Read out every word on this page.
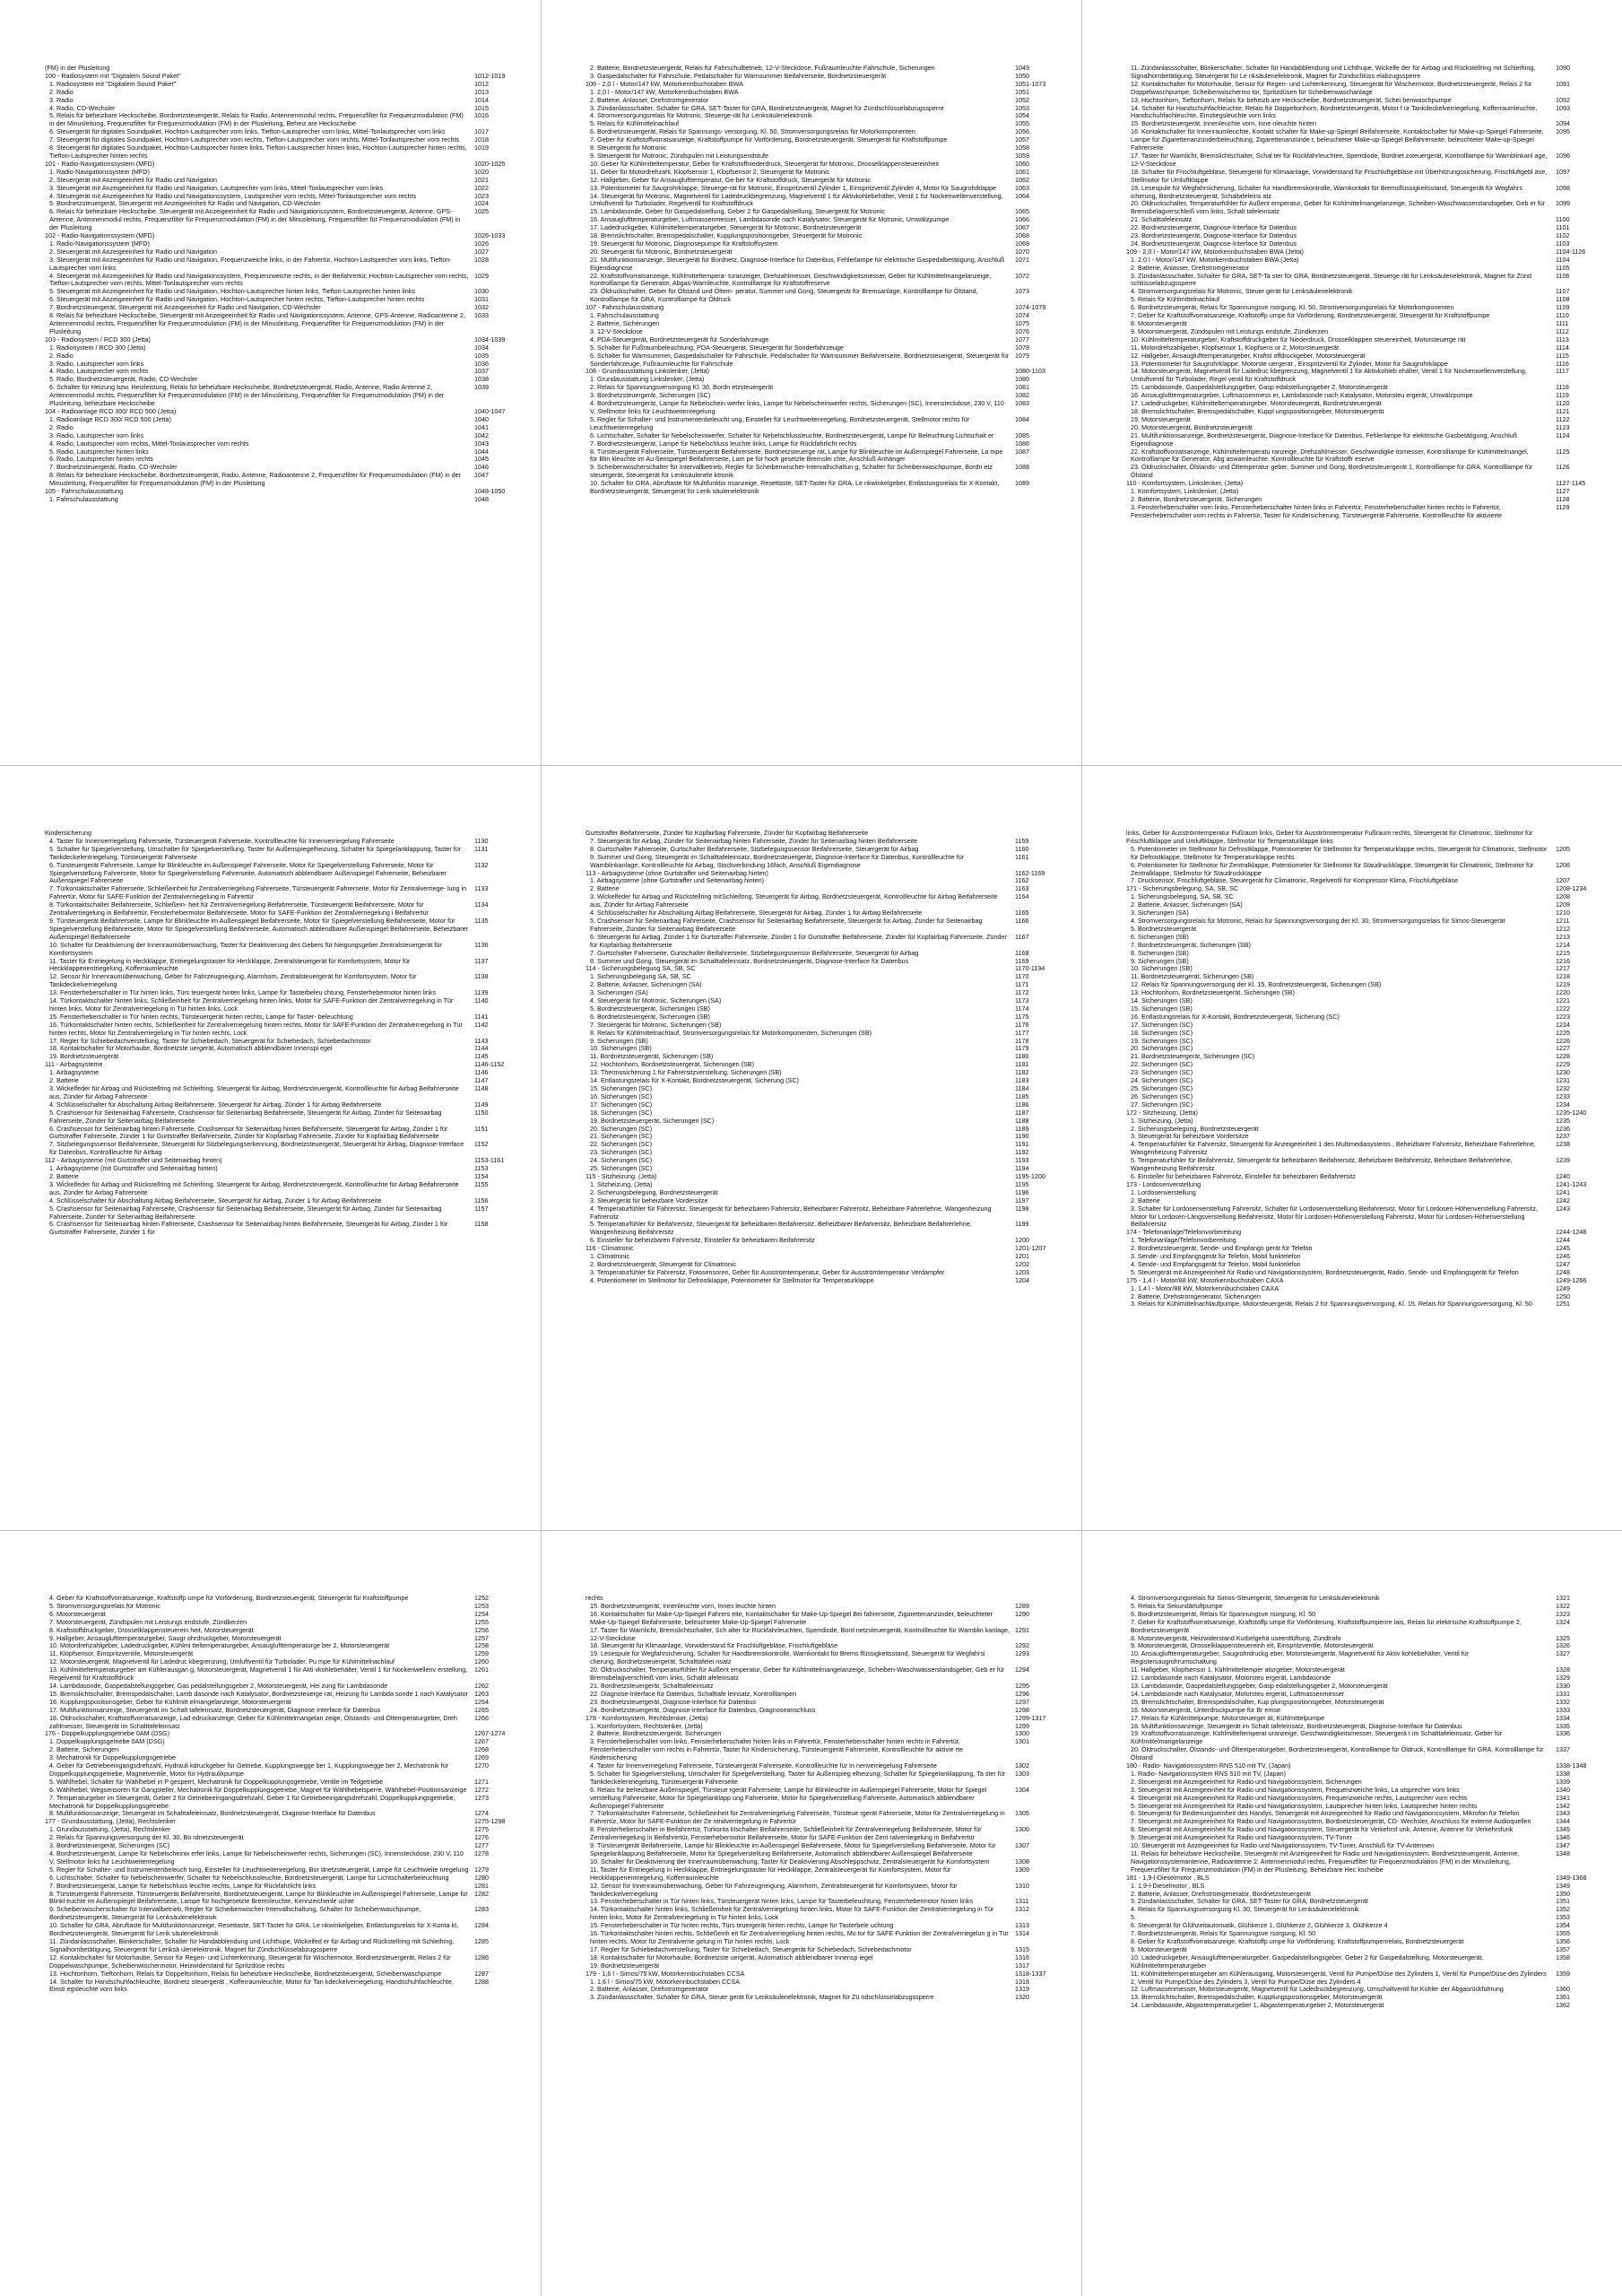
(FM) in der Plusleitung
100 - Radiosystem mit "Digitalem Sound Paket"	1012-1019
1. Radiosystem mit "Digitalem Sound Paket"	1012
2. Radio	1013
3. Radio	1014
4. Radio, CD-Wechsler	1015
5. Relais für beheizbare Heckscheibe, Bordnetzsteuergerät, Relais für Radio, Antennenmodul rechts, Frequenzfilter für Frequenzmodulation (FM) in der Minusleitung, Frequenzfilter für Frequenzmodulation (FM) in der Plusleitung, Beheiz are Heckscheibe
1016
6. Steuergerät für digitales Soundpaket, Hochton-Lautsprecher vorn links, Tiefton-Lautsprecher vorn links, Mittel-Tonlautsprecher vorn links	1017
7. Steuergerät für digitales Soundpaket, Hochton-Lautsprecher vorn rechts, Tiefton-Lautsprecher vorn rechts, Mittel-Tonlautsprecher vorn rechts	1018
8. Steuergerät für digitales Soundpaket, Hochton-Lautsprecher hinten links, Tiefton-Lautsprecher hinten links, Hochton-Lautsprecher hinten rechts, Tiefton-Lautsprecher hinten rechts
1019
101 - Radio-Navigationssystem (MFD)	1020-1025
1. Radio-Navigationssystem (MFD)	1020
2. Steuergerät mit Anzeigeeinheit für Radio und Navigation	1021
3. Steuergerät mit Anzeigeeinheit für Radio und Navigation, Lautsprecher vorn links, Mittel-Tonlautsprecher vorn links	1022
4. Steuergerät mit Anzeigeeinheit für Radio und Navigationssystem, Lautsprecher vorn rechts, Mittel-Tonlautsprecher vorn rechts	1023
5. Bordnetzsteuergerät, Steuergerät mit Anzeigeeinheit für Radio und Navigation, CD-Wechsler	1024
6. Relais für beheizbare Heckscheibe, Steuergerät mit Anzeigeeinheit für Radio und Navigationssystem, Bordnetzsteuergerät, Antenne, GPS- Antenne, Antennenmodul rechts, Frequenzfilter für Frequenzmodulation (FM) in der Minusleitung, Frequenzfilter für Frequenzmodulation (FM) in der Plusleitung
1025
102 - Radio-Navigationssystem (MFD)	1026-1033
1. Radio-Navigationssystem (MFD)	1026
2. Steuergerät mit Anzeigeeinheit für Radio und Navigation	1027
3. Steuergerät mit Anzeigeeinheit für Radio und Navigation, Frequenzweiche links, in der Fahrertür, Hochton-Lautsprecher vorn links, Tiefton-Lautsprecher vorn links
1028
4. Steuergerät mit Anzeigeeinheit für Radio und Navigationssystem, Frequenzweiche rechts, in der Beifahrertür, Hochton-Lautsprecher vorn rechts, Tiefton-Lautsprecher vorn rechts, Mittel-Tonlautsprecher vorn rechts
1029
5. Steuergerät mit Anzeigeeinheit für Radio und Navigation, Hochton-Lautsprecher hinten links, Tiefton-Lautsprecher hinten links	1030
6. Steuergerät mit Anzeigeeinheit für Radio und Navigation, Hochton-Lautsprecher hinten rechts, Tiefton-Lautsprecher hinten rechts	1031
7. Bordnetzsteuergerät, Steuergerät mit Anzeigeeinheit für Radio und Navigation, CD-Wechsler	1032
8. Relais für beheizbare Heckscheibe, Steuergerät mit Anzeigeeinheit für Radio und Navigationssystem, Antenne, GPS-Antenne, Radioantenne 2, Antennenmodul rechts, Frequenzfilter für Frequenzmodulation (FM) in der Minusleitung, Frequenzfilter für Frequenzmodulation (FM) in der Plusleitung
1033
103 - Radiosystem / RCD 300 (Jetta)	1034-1039
1. Radiosystem / RCD 300 (Jetta)	1034
2. Radio	1035
3. Radio, Lautsprecher vorn links	1036
4. Radio, Lautsprecher vorn rechts	1037
5. Radio, Bordnetzsteuergerät, Radio, CD-Wechsler	1038
6. Schalter für Heizung bzw. Heizleistung, Relais für beheizbare Heckscheibe, Bordnetzsteuergerät, Radio, Antenne, Radio Antenne 2, Antennenmodul rechts, Frequenzfilter für Frequenzmodulation (FM) in der Minusleitung, Frequenzfilter für Frequenzmodulation (FM) in der Plusleitung, beheizbare Heckscheibe
1039
104 - Radioanlage RCD 300/ RCD 500 (Jetta)	1040-1047
1. Radioanlage RCD 300/ RCD 500 (Jetta)	1040
2. Radio	1041
3. Radio, Lautsprecher vorn links	1042
4. Radio, Lautsprecher vorn rechts, Mittel-Tonlautsprecher vorn rechts	1043
5. Radio, Lautsprecher hinten links	1044
6. Radio, Lautsprecher hinten rechts	1045
7. Bordnetzsteuergerät, Radio, CD-Wechsler	1046
8. Relais für beheizbare Heckscheibe, Bordnetzsteuergerät, Radio, Antenne, Radioantenne 2, Frequenzfilter für Frequenzmodulation (FM) in der Minusleitung, Frequenzfilter für Frequenzmodulation (FM) in der Plusleitung
1047
105 - Fahrschulausstattung	1048-1050
1. Fahrschulausstattung	1048
2. Batterie, Bordnetzsteuergerät, Relais für Fahrschulbetrieb, 12-V-Steckdose, Fußraumleuchte Fahrschule, Sicherungen	1049
3. Gaspedalschalter für Fahrschule, Pedalschalter für Warnsummer Beifahrerseite, Bordnetzsteuergerät	1050
106 - 2,0 l - Motor/147 kW, Motorkennbuchstaben BWA	1051-1073
1. 2,0 l - Motor/147 kW, Motorkennbuchstaben BWA	1051
2. Batterie, Anlasser, Drehstromgenerator	1052
3. Zündanlassschalter, Schalter für GRA, SET-Taster für GRA, Bordnetzsteuergerät, Magnet für Zündschlüsselabzugssperre	1053
4. Stromversorgungsrelais für Motronic, Steuerge-rät für Lenksäulenelektronik	1054
5. Relais für Kühlmittelnachlauf	1055
6. Bordnetzsteuergerät, Relais für Spannungs- versorgung, Kl. 50, Stromversorgungsrelais für Motorkomponenten	1056
7. Geber für Kraftstoffvorratsanzeige, Kraftstoffpumpe für Vorförderung, Bordnetzsteuergerät, Steuergerät für Kraftstoffpumpe	1057
8. Steuergerät für Motronic	1058
9. Steuergerät für Motronic, Zündspulen mit Leistungsendstufe	1059
10. Geber für Kühlmitteltemperatur, Geber für Kraftstoffniederdruck, Steuergerät für Motronic, Drosselklappensteuereinheit	1060
11. Geber für Motordrehzahl, Klopfsensor 1, Klopfsensor 2, Steuergerät für Motronic	1061
12. Hallgeber, Geber für Ansauglufttemperatur, Ge-ber für Kraftstoffdruck, Steuergerät für Motronic	1062
13. Potentiometer für Saugrohrklappe, Steuerge-rät für Motronic, Einspritzventil Zylinder 1, Einspritzventil Zylinder 4, Motor für Saugrohrklappe	1063
14. Steuergerät für Motronic, Magnetventil für Ladedruckbegrenzung, Magnetventil 1 für Aktivkohlebehälter, Ventil 1 für Nockenwellenverstellung, Umluftventil für Turbolader, Regelventil für Kraftstoffdruck
1064
15. Lambdasonde, Geber für Gaspedalstellung, Geber 2 für Gaspedalstellung, Steuergerät für Motronic	1065
16. Ansauglufttemperaturgeber, Luftmassenmesser, Lambdasonde nach Katalysator, Steuergerät für Motronic, Umwälzpumpe	1066
17. Ladedruckgeber, Kühlmitteltemperaturgeber, Steuergerät für Motronic, Bordnetzsteuergerät	1067
18. Bremslichtschalter, Bremspedalschalter, Kupplungspositionsgeber, Steuergerät für Motronic	1068
19. Steuergerät für Motronic, Diagnosepumpe für Kraftstoffsystem	1069
20. Steuergerät für Motronic, Bordnetzsteuergerät	1070
21. Multifunktionsanzeige, Steuergerät für Bordnetz, Diagnose-Interface für Datenbus, Fehlerlampe für elektrische Gaspedalbetätigung, Anschluß Eigendiagnose
1071
22. Kraftstoffvorratsanzeige, Kühlmitteltempera- turanzeiger, Drehzahlmesser, Geschwindigkeitsmesser, Geber für Kühlmittelmangelanzeige, Kontrolllampe für Generator, Abgas-Warnleuchte, Kontrolllampe für Kraftstoffreserve
1072
23. Öldruckschalter, Geber für Ölstand und Öltem- peratur, Summer und Gong, Steuergerät für Bremsanlage, Kontrolllampe für Ölstand, Kontrolllampe für GRA, Kontrolllampe für Öldruck
1073
107 - Fahrschulausstattung	1074-1079
1. Fahrschulausstattung	1074
2. Batterie, Sicherungen	1075
3. 12-V-Steckdose	1076
4. PDA-Steuergerät, Bordnetzsteuergerät für Sonderfahrzeuge	1077
5. Schalter für Fußraumbeleuchtung, PDA-Steuergerät, Steuergerät für Sonderfahrzeuge	1078
6. Schalter für Warnsummer, Gaspedalschalter für Fahrschule, Pedalschalter für Warnsummer Beifahrerseite, Bordnetzsteuergerät, Steuergerät für Sonderfahrzeuge, Fußraumleuchte für Fahrschule
1079
108 - Grundausstattung Linkslenker, (Jetta)	1080-1103
1. Grundausstattung Linkslenker, (Jetta)	1080
2. Relais für Spannungsversorgung Kl. 30, Bordn etzsteuergerät	1081
3. Bordnetzsteuergerät, Sicherungen (SC)	1082
4. Bordnetzsteuergerät, Lampe für Nebelschein werfer links, Lampe für Nebelscheinwerfer rechts, Sicherungen (SC), Innensteckdose, 230 V, 110 V, Stellmotor links für Leuchtweitenregelung
1083
5. Regler für Schalter- und Instrumentenbeleucht ung, Einsteller für Leuchtweitenregelung, Bordnetzsteuergerät, Stellmotor rechts für Leuchtweitenregelung
1084
6. Lichtschalter, Schalter für Nebelscheinwerfer, Schalter für Nebelschlussleuchte, Bordnetzsteuergerät, Lampe für Beleuchtung Lichtschalt er	1085
7. Bordnetzsteuergerät, Lampe für Nebelschluss leuchte links, Lampe für Rückfahrlicht rechts	1086
8. Türsteuergerät Fahrerseite, Türsteuergerät Beifahrerseite, Bordnetzsteuerge rät, Lampe für Blinkleuchte im Außenspiegel Fahrerseite, La mpe für Blin kleuchte im Au ßenspiegel Beifahrerseite, Lam pe für hoch gesetzte Bremslei chte, Anschluß Anhänger
1087
9. Scheibenwischerschalter für Intervallbetrieb, Regler für Scheibenwischer-Intervallschaltun g, Schalter für Scheibenwaschpumpe, Bordn etz steuergerät, Steuergerät für Lenksäulenele ktronik
1088
10. Schalter für GRA, Abruftaste für Multifunktio nsanzeige, Resettaste, SET-Taster für GRA, Le nkwinkelgeber, Entlastungsrelais für X-Kontakt, Bordnetzsteuergerät, Steuergerät für Lenk säulenelektronik
1089
11. Zündanlassschalter, Blinkerschalter, Schalter für Handabblendung und Lichthupe, Wickelfe der für Airbag und Rückstellring mit Schleifring, Signalhornbetätigung, Steuergerät für Le nksäulenelektronik, Magnet für Zündschlüss elabzugssperre
1090
12. Kontaktschalter für Motorhaube, Sensor für Regen- und Lichterkennung, Steuergerät für Wischermotor, Bordnetzsteuergerät, Relais 2 für Doppelwaschpumpe, Scheibenwischermo tor, Spritzdüsen für Scheibenwaschanlage
1091
13. Hochtonhorn, Tieftonhorn, Relais für beheizb are Heckscheibe, Bordnetzsteuergerät, Schei benwaschpumpe	1092
14. Schalter für Handschuhfachleuchte, Relais für Doppeltonhorn, Bordnetzsteuergerät, Motor f ür Tankdeckelverriegelung, Kofferraumleuchte, Handschuhfachleuchte, Einstiegsleuchte vorn links
1093
15. Bordnetzsteuergerät, Innenleuchte vorn, Inne nleuchte hinten	1094
16. Kontaktschalter für Innenraumleuchte, Kontakt schalter für Make-up-Spiegel Beifahrerseite, Kontaktschalter für Make-up-Spiegel Fahrerseite, Lampe für Zigarettenanzünderbeleuchtung, Zigarettenanzünde r, beleuchteter Make-up-Spiegel Beifahrerseite, beleuchteter Make-up-Spiegel Fahrerseite
1095
17. Taster für Warnlicht, Bremslichtschalter, Schal ter für Rückfahrleuchten, Sperrdiode, Bordnet zsteuergerät, Kontrolllampe für Warnblinkanl age, 12-V-Steckdose
1096
18. Schalter für Frischluftgebläse, Steuergerät für Klimaanlage, Vorwiderstand für Frischluftgebläse mit Überhitzungssicherung, Frischluftgebl äse, Stellmotor für Umluftklappe
1097
19. Lesespule für Wegfahrsicherung, Schalter für Handbremskontrolle, Warnkontakt für Bremsflüssigkeitsstand, Steuergerät für Wegfahrs icherung, Bordnetzsteuergerät, Schaltafeleins atz
1098
20. Öldruckschalter, Temperaturfühler für Außent emperatur, Geber für Kühlmittelmangelanzeige, Scheiben-Waschwasserstandsgeber, Geb er für Bremsbelagverschleiß vorn links, Schalt tafeleinsatz
1099
21. Schalttafeleinsatz	1100
22. Bordnetzsteuergerät, Diagnose-Interface für Datenbus	1101
23. Bordnetzsteuergerät, Diagnose-Interface für Datenbus	1102
24. Bordnetzsteuergerät, Diagnose-Interface für Datenbus	1103
109 - 2,0 l - Motor/147 kW, Motorkennbuchstaben BWA (Jetta)	1104-1126
1. 2,0 l - Motor/147 kW, Motorkennbuchstaben BWA (Jetta)	1104
2. Batterie, Anlasser, Drehstromgenerator	1105
3. Zündanlassschalter, Schalter für GRA, SET-Ta ster für GRA, Bordnetzsteuergerät, Steuerge rät für Lenksäulenelektronik, Magnet für Zünd schlüsselabzugssperre
1106
4. Stromversorgungsrelais für Motronic, Steuer gerät für Lenksäulenelektronik	1107
5. Relais für Kühlmittelnachlauf	1108
6. Bordnetzsteuergerät, Relais für Spannungsve rsorgung, Kl. 50, Stromversorgungsrelais für Motorkomponenten	1109
7. Geber für Kraftstoffvorratsanzeige, Kraftstoffp umpe für Vorförderung, Bordnetzsteuergerät, Steuergerät für Kraftstoffpumpe	1110
8. Motorsteuergerät	1111
9. Motorsteuergerät, Zündspulen mit Leistungs endstufe, Zündkerzen	1112
10. Kühlmitteltemperaturgeber, Kraftstoffdruckgeber für Niederdruck, Drosselklappen steuereinheit, Motorsteuerge rät	1113
11. Motordrehzahlgeber, Klopfsensor 1, Klopfsens or 2, Motorsteuergerät	1114
12. Hallgeber, Ansauglufttemperaturgeber, Kraftst offdruckgeber, Motorsteuergerät	1115
13. Potentiometer für Saugrohrklappe, Motorste uergerät , Einspritzventil für Zylinder, Motor für Saugrohrklappe	1116
14. Motorsteuergerät, Magnetventil für Ladedruc kbegrenzung, Magnetventil 1 für Aktivkohleb ehälter, Ventil 1 für Nockenwellenverstellung, Umluftventil für Turbolader, Regel ventil für Kraftstoffdruck
1117
15. Lambdasonde, Gaspedalstellungsgeber, Gasp edalstellungsgeber 2, Motorsteuergerät	1118
16. Ansauglufttemperaturgeber, Luftmassenmess er, Lambdasonde nach Katalysator, Motorsteu ergerät, Umwälzpumpe	1119
17. Ladedruckgeber, Kühlmitteltemperaturgeber, Motorsteuergerät, Bordnetzsteuergerät	1120
18. Bremslichtschalter, Bremspedalschalter, Kuppl ungspositionsgeber, Motorsteuergerät	1121
19. Motorsteuergerät	1122
20. Motorsteuergerät, Bordnetzsteuergerät	1123
21. Multifunktionsanzeige, Bordnetzsteuergerät, Diagnose-Interface für Datenbus, Fehlerlampe für elektrische Gasbetätigung, Anschluß Eigendiagnose
1124
22. Kraftstoffvorratsanzeige, Kühlmitteltemperatu ranzeige, Drehzahlmesser, Geschwindigke itsmesser, Kontrolllampe für Kühlmittelmangel, Kontrolllampe für Generator, Abg aswarnleuchte, Kontrollleuchte für Kraftstoffr eserve
1125
23. Öldruckschalter, Ölstands- und Öltemperatur geber, Summer und Gong, Bordnetzsteuergerät 1, Kontrolllampe für GRA, Kontrolllampe für Ölstand
1126
110 - Komfortsystem, Linkslenker, (Jetta)	1127-1145
1. Komfortsystem, Linkslenker, (Jetta)	1127
2. Batterie, Bordnetzsteuergerät, Sicherungen	1128
3. Fensterheberschalter vorn links, Fensterheberschalter hinten links in Fahrertür, Fensterheberschalter hinten rechts in Fahrertür, Fensterheberschalter vorn rechts in Fahrertür, Taster für Kindersicherung, Türsteuergerät Fahrerseite, Kontrollleuchte für aktivierte
1129
Kindersicherung
4. Taster für Innenverriegelung Fahrerseite, Türsteuergerät Fahrerseite, Kontrollleuchte für Innenverriegelung Fahrerseite	1130
5. Schalter für Spiegelverstellung, Umschalter für Spiegelverstellung, Taster für Außenspiegelheizung, Schalter für Spiegelanklappung, Taster für Tankdeckelentriegelung, Türsteuergerät Fahrerseite
1131
6. Türsteuergerät Fahrerseite, Lampe für Blinkleuchte im Außenspiegel Fahrerseite, Motor für Spiegelverstellung Fahrerseite, Motor für Spiegelverstellung Fahrerseite, Motor für Spiegelverstellung Fahrerseite, Automatisch abblendbarer Außenspiegel Fahrerseite, Beheizbarer Außenspiegel Fahrerseite
1132
7. Türkontaktschalter Fahrerseite, Schließeinheit für Zentralverriegelung Fahrerseite, Türsteuergerät Fahrerseite, Motor für Zentralverriege- lung in Fahrertür, Motor für SAFE-Funktion der Zentralverriegelung in Fahrertür
1133
8. Türkontaktschalter Beifahrerseite, Schließein- heit für Zentralverriegelung Beifahrerseite, Türsteuergerät Beifahrerseite, Motor für Zentralverriegelung in Beifahrertür, Fensterhebermotor Beifahrerseite, Motor für SAFE-Funktion der Zentralverriegelung i Beifahrertür
1134
9. Türsteuergerät Beifahrerseite, Lampe für Blinkleuchte im Außenspiegel Beifahrerseite, Motor für Spiegelverstellung Beifahrerseite, Motor für Spiegelverstellung Beifahrerseite, Motor für Spiegelverstellung Beifahrerseite, Automatisch abblendbarer Außenspiegel Beifahrerseite, Beheizbarer Außenspiegel Beifahrerseite
1135
10. Schalter für Deaktivierung der Innenraumüberwachung, Taster für Deaktivierung des Gebers für Neigungsgeber Zentralsteuergerät für Komfortsystem
1136
11. Taster für Entriegelung in Heckklappe, Entriegelungstaster für Heckklappe, Zentralsteuergerät für Komfortsystem, Motor für Heckklappenentriegelung, Kofferraumleuchte
1137
12. Sensor für Innenraumüberwachung, Geber für Fahrzeugneigung, Alarmhorn, Zentralsteuergerät für Komfortsystem, Motor für Tankdeckelverriegelung
1138
13. Fensterheberschalter in Tür hinten links, Türs teuergerät hinten links, Lampe für Tasterbeleu chtung, Fensterhebermotor hinten links	1139
14. Türkontaktschalter hinten links, Schließeinheit für Zentralverriegelung hinten links, Motor für SAFE-Funktion der Zentralverriegelung in Tür hinten links, Motor für Zentralverriegelung in Tür hinten links, Lock
1140
15. Fensterheberschalter in Tür hinten rechts, Türsteuergerät hinten rechts, Lampe für Taster- beleuchtung	1141
16. Türkontaktschalter hinten rechts, Schließeinheit für Zentralverriegelung hinten rechts, Motor für SAFE-Funktion der Zentralverriegelung in Tür hinten rechts, Motor für Zentralverriegelung in Tür hinten rechts, Lock
1142
17. Regler für Schiebedachverstellung, Taster für Schiebedach, Steuergerät für Schiebedach, Schiebedachmotor	1143
18. Kontaktschalter für Motorhaube, Bordnetzste uergerät, Automatisch abblendbarer Innenspi egel	1144
19. Bordnetzsteuergerät	1145
111 - Airbagsysteme	1146-1152
1. Airbagsysteme	1146
2. Batterie	1147
3. Wickelfeder für Airbag und Rückstellring mit Schleifring, Steuergerät für Airbag, Bordnetzsteuergerät, Kontrollleuchte für Airbag Beifahrerseite aus, Zünder für Airbag Fahrerseite
1148
4. Schlüsselschalter für Abschaltung Airbag Beifahrerseite, Steuergerät für Airbag, Zünder 1 für Airbag Beifahrerseite	1149
5. Crashsensor für Seitenairbag Fahrerseite, Crashsensor für Seitenairbag Beifahrerseite, Steuergerät für Airbag, Zünder für Seitenairbag Fahrerseite, Zünder für Seitenairbag Beifahrerseite
1150
6. Crashsensor für Seitenairbag hinten Fahrerseite, Crashsensor für Seitenairbag hinten Beifahrerseite, Steuergerät für Airbag, Zünder 1 für Gurtstraffer Fahrerseite, Zünder 1 für Gurtstraffer Beifahrerseite, Zünder für Kopfairbag Fahrerseite, Zünder für Kopfairbag Beifahrerseite
1151
7. Sitzbelegungssensor Beifahrerseite, Steuergerät für Sitzbelegungserkennung, Bordnetzsteuergerät, Steuergerät für Airbag, Diagnose-Interface für Datenbus, Kontrollleuchte für Airbag
1152
112 - Airbagsysteme (mit Gurtstraffer und Seitenairbag hinten)	1153-1161
1. Airbagsysteme (mit Gurtstraffer und Seitenairbag hinten)	1153
2. Batterie	1154
3. Wickelfeder für Airbag und Rückstellring mit Schleifring, Steuergerät für Airbag, Bordnetzsteuergerät, Kontrollleuchte für Airbag Beifahrerseite aus, Zünder für Airbag Fahrerseite
1155
4. Schlüsselschalter für Abschaltung Airbag Beifahrerseite, Steuergerät für Airbag, Zünder 1 für Airbag Beifahrerseite	1156
5. Crashsensor für Seitenairbag Fahrerseite, Crashsensor für Seitenairbag Beifahrerseite, Steuergerät für Airbag, Zünder für Seitenairbag Fahrerseite, Zünder für Seitenairbag Beifahrerseite
1157
6. Crashsensor für Seitenairbag hinten Fahrerseite, Crashsensor für Seitenairbag hinten Beifahrerseite, Steuergerät für Airbag, Zünder 1 für Gurtstraffer Fahrerseite, Zünder 1 für
1158
Gurtstraffer Beifahrerseite, Zünder für Kopfairbag Fahrerseite, Zünder für Kopfairbag Beifahrerseite
7. Steuergerät für Airbag, Zünder für Seitenairbag hinten Fahrerseite, Zünder für Seitenairbag hinten Beifahrerseite	1159
8. Gurtschalter Fahrerseite, Gurtschalter Beifahrerseite, Sitzbelegungssensor Beifahrerseite, Steuergerät für Airbag	1160
9. Summer und Gong, Steuergerät im Schalttafeleinsatz, Bordnetzsteuergerät, Diagnose-Interface für Datenbus, Kontrollleuchte für Warnblinkanlage, Kontrollleuchte für Airbag, Stockverbindung 16fach, Anschluß Eigendiagnose
1161
113 - Airbagsysteme (ohne Gurtstraffer und Seitenairbag hinten)	1162-1169
1. Airbagsysteme (ohne Gurtstraffer und Seitenairbag hinten)	1162
2. Batterie	1163
3. Wickelfeder für Airbag und Rückstellring mitSchleifring, Steuergerät für Airbag, Bordnetzsteuergerät, Kontrollleuchte für Airbag Beifahrerseite aus, Zünder für Airbag Fahrerseite
1164
4. Schlüsselschalter für Abschaltung Airbag Beifahrerseite, Steuergerät für Airbag, Zünder 1 für Airbag Beifahrerseite	1165
5. Crashsensor für Seitenairbag Fahrerseite, Crashsensor für Seitenairbag Beifahrerseite, Steuergerät für Airbag, Zünder für Seitenairbag Fahrerseite, Zünder für Seitenairbag Beifahrerseite
1166
6. Steuergerät für Airbag, Zünder 1 für Gurtstraffer Fahrerseite, Zünder 1 für Gurtstraffer Beifahrerseite, Zünder für Kopfairbag Fahrerseite, Zünder für Kopfairbag Beifahrerseite
1167
7. Gurtschalter Fahrerseite, Gurtschalter Beifahrerseite, Sitzbelegungssensor Beifahrerseite, Steuergerät für Airbag	1168
8. Summer und Gong, Steuergerät im Schalttafeleinsatz, Bordnetzsteuergerät, Diagnose-Interface für Datenbus	1169
114 - Sicherungsbelegung SA, SB, SC	1170-1194
1. Sicherungsbelegung SA, SB, SC	1170
2. Batterie, Anlasser, Sicherungen (SA)	1171
3. Sicherungen (SA)	1172
4. Steuergerät für Motronic, Sicherungen (SA)	1173
5. Bordnetzsteuergerät, Sicherungen (SB)	1174
6. Bordnetzsteuergerät, Sicherungen (SB)	1175
7. Steuergerät für Motronic, Sicherungen (SB)	1176
8. Relais für Kühlmittelnachlauf, Stromversorgungsrelais für Motorkomponenten, Sicherungen (SB)	1177
9. Sicherungen (SB)	1178
10. Sicherungen (SB)	1179
11. Bordnetzsteuergerät, Sicherungen (SB)	1180
12. Hochtonhorn, Bordnetzsteuergerät, Sicherungen (SB)	1181
13. Thermosicherung 1 für Fahrersitzverstellung, Sicherungen (SB)	1182
14. Entlastungsrelais für X-Kontakt, Bordnetzsteuergerät, Sicherung (SC)	1183
15. Sicherungen (SC)	1184
16. Sicherungen (SC)	1185
17. Sicherungen (SC)	1186
18. Sicherungen (SC)	1187
19. Bordnetzsteuergerät, Sicherungen (SC)	1188
20. Sicherungen (SC)	1189
21. Sicherungen (SC)	1190
22. Sicherungen (SC)	1191
23. Sicherungen (SC)	1192
24. Sicherungen (SC)	1193
25. Sicherungen (SC)	1194
115 - Sitzheizung, (Jetta)	1195-1200
1. Sitzheizung, (Jetta)	1195
2. Sicherungsbelegung, Bordnetzsteuergerät	1196
3. Steuergerät für beheizbare Vordersitze	1197
4. Temperaturfühler für Fahrersitz, Steuergerät für beheizbaren Fahrersitz, Beheizbarer Fahrersitz, Beheizbare Fahrerlehne, Wangenheizung Fahrersitz
1198
5. Temperaturfühler für Beifahrersitz, Steuergerät für beheizbaren Beifahrersitz, Beheizbarer Beifahrersitz, Beheizbare Beifahrerlehne, Wangenheizung Beifahrersitz
1199
6. Einsteller für beheizbaren Fahrersitz, Einsteller für beheizbaren Beifahrersitz	1200
116 - Climatronic	1201-1207
1. Climatronic	1201
2. Bordnetzsteuergerät, Steuergerät für Climatronic	1202
3. Temperaturfühler für Fahrersitz, Fotosensoren, Geber für Ausströmtemperatur, Geber für Ausströmtemperatur Verdampfer	1203
4. Potentiometer im Stellmotor für Defrostklappe, Potentiometer für Stellmotor für Temperaturklappe	1204
links, Geber für Ausströmtemperatur Fußraum links, Geber für Ausströmtemperatur Fußraum rechts, Steuergerät für Climatronic, Stellmotor für Frischluftklappe und Umluftklappe, Stellmotor für Temperaturklappe links
5. Potentiometer im Stellmotor für Defrostklappe, Potentiometer für Stellmotor für Temperaturklappe rechts, Steuergerät für Climatronic, Stellmotor für Defrostklappe, Stellmotor für Temperaturklappe rechts
1205
6. Potentiometer für Stellmotor für Zentralklappe, Potentiometer für Stellmotor für Staudruckklappe, Steuergerät für Climatronic, Stellmotor für Zentralklappe, Stellmotor für Staudruckklappe
1206
7. Drucksensor, Frischluftgebläse, Steuergerät für Climatronic, Regelventil für Kompressor Klima, Frischluftgebläse	1207
171 - Sicherungsbelegung, SA, SB, SC	1208-1234
1. Sicherungsbelegung, SA, SB, SC	1208
2. Batterie, Anlasser, Sicherungen (SA)	1209
3. Sicherungen (SA)	1210
4. Stromversorgungsrelais für Motronic, Relais für Spannungsversorgung der Kl. 30, Stromversorgungsrelais für Simos-Steuergerät	1211
5. Bordnetzsteuergerät	1212
6. Sicherungen (SB)	1213
7. Bordnetzsteuergerät, Sicherungen (SB)	1214
8. Sicherungen (SB)	1215
9. Sicherungen (SB)	1216
10. Sicherungen (SB)	1217
11. Bordnetzsteuergerät, Sicherungen (SB)	1218
12. Relais für Spannungsversorgung der Kl. 15, Bordnetzsteuergerät, Sicherungen (SB)	1219
13. Hochtonhorn, Bordnetzsteuergerät, Sicherungen (SB)	1220
14. Sicherungen (SB)	1221
15. Sicherungen (SB)	1222
16. Entlastungsrelais für X-Kontakt, Bordnetzsteuergerät, Sicherung (SC)	1223
17. Sicherungen (SC)	1224
18. Sicherungen (SC)	1225
19. Sicherungen (SC)	1226
20. Sicherungen (SC)	1227
21. Bordnetzsteuergerät, Sicherungen (SC)	1228
22. Sicherungen (SC)	1229
23. Sicherungen (SC)	1230
24. Sicherungen (SC)	1231
25. Sicherungen (SC)	1232
26. Sicherungen (SC)	1233
27. Sicherungen (SC)	1234
172 - Sitzheizung, (Jetta)	1235-1240
1. Sitzheizung, (Jetta)	1235
2. Sicherungsbelegung, Bordnetzsteuergerät	1236
3. Steuergerät für beheizbare Vordersitze	1237
4. Temperaturfühler für Fahrersitz, Steuergerät für Anzeigeeinheit 1 des Multimediasystems , Beheizbarer Fahrersitz, Beheizbare Fahrerlehne, Wangenheizung Fahrersitz
1238
5. Temperaturfühler für Beifahrersitz, Steuergerät für beheizbaren Beifahrersitz, Beheizbarer Beifahrersitz, Beheizbare Beifahrerlehne, Wangenheizung Beifahrersitz
1239
6. Einsteller für beheizbaren Fahrersitz, Einsteller für beheizbaren Beifahrersitz	1240
173 - Lordosenverstellung	1241-1243
1. Lordosenverstellung	1241
2. Batterie	1242
3. Schalter für Lordosenverstellung Fahrersitz, Schalter für Lordosenverstellung Beifahrersitz, Motor für Lordosen-Höhenverstellung Fahrersitz, Motor für Lordosen-Längsverstellung Beifahrersitz, Motor für Lordosen-Höhenverstellung Fahrersitz, Motor für Lordosen-Höhenverstellung Beifahrersitz
1243
174 - Telefonanlage/Telefonvorbereitung	1244-1248
1. Telefonanlage/Telefonvorbereitung	1244
2. Bordnetzsteuergerät, Sende- und Empfangs gerät für Telefon	1245
3. Sende- und Empfangsgerät für Telefon, Mobil funktelefon	1246
4. Sende- und Empfangsgerät für Telefon, Mobil funktelefon	1247
5. Steuergerät mit Anzeigeeinheit für Radio und Navigationssystem, Bordnetzsteuergerät, Radio, Sende- und Empfangsgerät für Telefon	1248
175 - 1,4 l - Motor/88 kW, Motorkennbuchstaben CAXA	1249-1266
1. 1,4 l - Motor/88 kW, Motorkennbuchstaben CAXA	1249
2. Batterie, Drehstromgenerator, Sicherungen	1250
3. Relais für Kühlmittelnachlaufpumpe, Motorsteuergerät, Relais 2 für Spannungsversorgung, Kl. 15, Relais für Spannungsversorgung, Kl. 50	1251
4. Geber für Kraftstoffvorratsanzeige, Kraftstoffp umpe für Vorförderung, Bordnetzsteuergerät, Steuergerät für Kraftstoffpumpe	1252
5. Stromversorgungsrelais für Motronic	1253
6. Motorsteuergerät	1254
7. Motorsteuergerät, Zündspulen mit Leistungs endstufe, Zündkerzen	1255
8. Kraftstoffdruckgeber, Drosselklappensteuerein heit, Motorsteuergerät	1256
9. Hallgeber, Ansauglufttemperaturgeber, Saugr ohrdruckgeber, Motorsteuergerät	1257
10. Motordrehzahlgeber, Ladedruckgeber, Kühlmi tteltemperaturgeber, Ansauglufttemperaturge ber 2, Motorsteuergerät	1258
11. Klopfsensor, Einspritzventile, Motorsteuergerät	1259
12. Motorsteuergerät, Magnetventil für Ladedruc kbegrenzung, Umluftventil für Turbolader, Pu mpe für Kühlmittelnachlauf	1260
13. Kühlmitteltemperaturgeber am Kühlerausgan g, Motorsteuergerät, Magnetventil 1 für Akti vkohlebehälter, Ventil 1 für Nockenwellenv erstellung, Regelventil für Kraftstoffdruck
1261
14. Lambdasonde, Gaspedalstellungsgeber, Gas pedalstellungsgeber 2, Motorsteuergerät, Hei zung für Lambdasonde	1262
15. Bremslichtschalter, Bremspedalschalter, Lamb dasonde nach Katalysator, Bordnetzsteuerge rät, Heizung für Lambda sonde 1 nach Katalysator 1263
16. Kupplungspositionsgeber, Geber für Kühlmitt elmangelanzeige, Motorsteuergerät	1264
17. Multifunktionsanzeige, Steuergerät im Schalt tafeleinsatz, Bordnetzsteuergerät, Diagnose Interface für Datenbus	1265
18. Öldruckschalter, Kraftstoffvorratsanzeige, Lad edruckanzeige, Geber für Kühlmittelmangelan zeige, Ölstands- und Öltemperaturgeber, Dreh zahlmesser, Steuergerät im Schalttafeleinsatz
1266
176 - Doppelkupplungsgetriebe 0AM (DSG)	1267-1274
1. Doppelkupplungsgetriebe 0AM (DSG)	1267
2. Batterie, Sicherungen	1268
3. Mechatronik für Doppelkupplungsgetriebe	1269
4. Geber für Getriebeeingangsdrehzahl, Hydrauli kdruckgeber für Getriebe, Kupplungswegge ber 1, Kupplungswegge ber 2, Mechatronik für Doppelkupplungsgetriebe, Magnetventile, Motor für Hydraulikpumpe
1270
5. Wählhebel, Schalter für Wählhebel in P gesperrt, Mechatronik für Doppelkupplungsgetriebe, Ventile im Teilgetriebe	1271
6. Wählhebel, Wegsensoren für Gangsteller, Mechatronik für Doppelkupplungsgetriebe, Magnet für Wählhebelsperre, Wählhebel-Positionsanzeige	1272
7. Temperaturgeber im Steuergerät, Geber 2 für Getriebeeingangsdrehzahl, Geber 1 für Getriebeeingangsdrehzahl, Doppelkupplungsgetriebe, Mechatronik für Doppelkupplungsgetriebe
1273
8. Multifunktionsanzeige, Steuergerät im Schalttafeleinsatz, Bordnetzsteuergerät, Diagnose-Interface für Datenbus	1274
177 - Grundausstattung, (Jetta), Rechtslenker	1275-1298
1. Grundausstattung, (Jetta), Rechtslenker	1275
2. Relais für Spannungsversorgung der Kl. 30, Bo rdnetzsteuergerät	1276
3. Bordnetzsteuergerät, Sicherungen (SC)	1277
4. Bordnetzsteuergerät, Lampe für Nebelscheinw erfer links, Lampe für Nebelscheinwerfer rechts, Sicherungen (SC), Innensteckdose, 230 V, 110 V, Stellmotor links für Leuchtweitenregelung
1278
5. Regler für Schalter- und Instrumentenbeleuch tung, Einsteller für Leuchtweitenregelung, Bor dnetzsteuergerät, Lampe für Leuchtweite nregelung 1279
6. Lichtschalter, Schalter für Nebelscheinwerfer, Schalter für Nebelschlussleuchte, Bordnetzsteuergerät, Lampe für Lichtschalterbeleuchtung	1280
7. Bordnetzsteuergerät, Lampe für Nebelschluss leuchte rechts, Lampe für Rückfahrlicht links	1281
8. Türsteuergerät Fahrerseite, Türsteuergerät Beifahrerseite, Bordnetzsteuergerät, Lampe für Blinkleuchte im Außenspiegel Fahrerseite, Lampe für Blinkl euchte im Außenspiegel Beifahrerseite, Lampe für hochgesetzte Bremsleuchte, Kennzeichenle uchte
1282
9. Scheibenwischerschalter für Intervallbetrieb, Regler für Scheibenwischer-Intervallschaltung, Schalter für Scheibenwaschpumpe, Bordnetzsteuergerät, Steuergerät für Lenksäulenelektronik
1283
10. Schalter für GRA, Abruftaste für Multifunktionsanzeige, Resettaste, SET-Taster für GRA, Le nkwinkelgeber, Entlastungsrelais für X-Konta kt, Bordnetzsteuergerät, Steuergerät für Lenk säulenelektronik
1284
11. Zündanlassschalter, Blinkerschalter, Schalter für Handabblendung und Lichthupe, Wickelfed er für Airbag und Rückstellring mit Schleifring, Signalhornbetätigung, Steuergerät für Lenksä ulenelektronik, Magnet für Zündschlüsselabzugssperre
1285
12. Kontaktschalter für Motorhaube, Sensor für Regen- und Lichterkennung, Steuergerät für Wischermotor, Bordnetzsteuergerät, Relais 2 für Doppelwaschpumpe, Scheibenwischermotor, Heizwiderstand für Spritzdüse rechts
1286
13. Hochtonhorn, Tieftonhorn, Relais für Doppeltonhorn, Relais für beheizbare Heckscheibe, Bordnetzsteuergerät, Scheibenwaschpumpe	1287
14. Schalter für Handschuhfachleuchte, Bordnetz steuergerät , Kofferraumleuchte, Motor für Tan kdeckelverriegelung, Handschuhfachleuchte, Einsti egsleuchte vorn links
1288
rechts
15. Bordnetzsteuergerät, Innenleuchte vorn, Innen leuchte hinten	1289
16. Kontaktschalter für Make-Up-Spiegel Fahrers eite, Kontaktschalter für Make-Up-Spiegel Bei fahrerseite, Zigarettenanzünder, beleuchteter Make-Up-Spiegel Beifahrerseite, beleuchteter Make-Up-Spiegel Fahrerseite
1290
17. Taster für Warnlicht, Bremslichtschalter, Sch alter für Rückfahrleuchten, Sperrdiode, Bord netzsteuergerät, Kontrollleuchte für Warnblin kanlage, 12-V-Steckdose
1291
18. Steuergerät für Klimaanlage, Vorwiderstand für Frischluftgebläse, Frischluftgebläse	1292
19. Lesespule für Wegfahrsicherung, Schalter für Handbremskontrolle, Warnkontakt für Brems flüssigkeitsstand, Steuergerät für Wegfahrsi cherung, Bordnetzsteuergerät, Schalttafelei nsatz
1293
20. Öldruckschalter, Temperaturfühler für Außent emperatur, Geber für Kühlmittelmangelanzeige, Scheiben-Waschwasserstandsgeber, Geb er für Bremsbelagverschleiß vorn links, Schaltt afeleinsatz
1294
21. Bordnetzsteuergerät, Schalttafeleinsatz	1295
22. Diagnose-Interface für Datenbus, Schalttafe leinsatz, Kontrolllampen	1296
23. Bordnetzsteuergerät, Diagnose-Interface für Datenbus	1297
24. Bordnetzsteuergerät, Diagnose-Interface für Datenbus, Diagnoseanschluss	1298
178 - Komfortsystem, Rechtslenker, (Jetta)	1299-1317
1. Komfortsystem, Rechtslenker, (Jetta)	1299
2. Batterie, Bordnetzsteuergerät, Sicherungen	1300
3. Fensterheberschalter vorn links, Fensterheberschalter hinten links in Fahrertür, Fensterheberschalter hinten rechts in Fahrertür, Fensterheberschalter vorn rechts in Fahrertür, Taster für Kindersicherung, Türsteuergerät Fahrerseite, Kontrollleuchte für aktivie rte Kindersicherung
1301
4. Taster für Innenverriegelung Fahrerseite, Türsteuergerät Fahrerseite, Kontrollleuchte für In nenverriegelung Fahrerseite	1302
5. Schalter für Spiegelverstellung, Umschalter für Spiegelverstellung, Taster für Außenspieg elheizung, Schalter für Spiegelanklappung, Ta ster für Tankdeckelentriegelung, Türsteuergerät Fahrerseite
1303
6. Relais für beheizbare Außenspiegel, Türsteue rgerät Fahrerseite, Lampe für Blinkleuchte im Außenspiegel Fahrerseite, Motor für Spiegel verstellung Fahrerseite, Motor für Spiegelanklapp ung Fahrerseite, Motor für Spiegelverstellung Fahrerseite, Automatisch abblendbarer Außenspiegel Fahrerseite
1304
7. Türkontaktschalter Fahrerseite, Schließeinheit für Zentralverriegelung Fahrerseite, Türsteue rgerät Fahrerseite, Motor für Zentralverriegelung in Fahrertür, Motor für SAFE-Funktion der Ze ntralverriegelung in Fahrertür
1305
8. Fensterheberschalter in Beifahrertür, Türkonta ktschalter Beifahrerseite, Schließeinheit für Zentralverriegelung Beifahrerseite, Motor für Zentralverriegelung in Beifahrertür, Fensterhebermotor Beifahrerseite, Motor für SAFE-Funktion der Zent ralverriegelung in Beifahrertür
1306
9. Türsteuergerät Beifahrerseite, Lampe für Blinkleuchte im Außenspiegel Beifahrerseite, Motor für Spiegelverstellung Beifahrerseite, Motor für Spiegelanklappung Beifahrerseite, Motor für Spiegelverstellung Beifahrerseite, Automatisch abblendbarer Außenspiegel Beifahrerseite
1307
10. Schalter für Deaktivierung der Innenraumüberwachung, Taster für Deaktivierung Abschleppschutz, Zentralsteuergerät für Komfortsystem	1308
11. Taster für Entriegelung in Heckklappe, Entriegelungstaster für Heckklappe, Zentralsteuergerät für Komfortsystem, Motor für Heckklappenentriegelung, Kofferraumleuchte
1309
12. Sensor für Innenraumüberwachung, Geber für Fahrzeugneigung, Alarmhorn, Zentralsteuergerät für Komfortsystem, Motor für Tankdeckelverriegelung
1310
13. Fensterheberschalter in Tür hinten links, Türsteuergerät hinten links, Lampe für Tasterbeleuchtung, Fensterhebermotor hinten links	1311
14. Türkontaktschalter hinten links, Schließeinheit für Zentralverriegelung hinten links, Motor für SAFE-Funktion der Zentralverriegelung in Tür hinten links, Motor für Zentralverriegelung in Tür hinten links, Lock
1312
15. Fensterheberschalter in Tür hinten rechts, Türs teuergerät hinten rechts, Lampe für Tasterbele uchtung	1313
16. Türkontaktschalter hinten rechts, Schließeinh eit für Zentralverriegelung hinten rechts, Mo tor für SAFE-Funktion der Zentralverriegelun g in Tür hinten rechts, Motor für Zentralverrie gelung in Tür hinten rechts, Lock
1314
17. Regler für Schiebedachverstellung, Taster für Schiebedach, Steuergerät für Schiebedach, Schiebedachmotor	1315
18. Kontaktschalter für Motorhaube, Bordnetzste uergerät, Automatisch abblendbarer Innensp iegel	1316
19. Bordnetzsteuergerät	1317
179 - 1,6 l - Simos/75 kW, Motorkennbuchstaben CCSA	1318-1337
1. 1,6 l - Simos/75 kW, Motorkennbuchstaben CCSA	1318
2. Batterie, Anlasser, Drehstromgenerator	1319
3. Zündanlassschalter, Schalter für GRA, Steuer gerät für Lenksäulenelektronik, Magnet für Zü ndschlüsselabzugssperre	1320
4. Stromversorgungsrelais für Simos-Steuergerät, Steuergerät für Lenksäulenelektronik	1321
5. Relais für Sekundärluftpumpe	1322
6. Bordnetzsteuergerät, Relais für Spannungsve rsorgung, Kl. 50	1323
7. Geber für Kraftstoffvorratsanzeige, Kraftstoffp umpe für Vorförderung, Kraftstoffpumpenre lais, Relais für elektrische Kraftstoffpumpe 2, Bordnetzsteuergerät
1324
8. Motorsteuergerät, Heizwiderstand Kurbelgehä useentlüftung, Zündtrafo	1325
9. Motorsteuergerät, Drosselklappensteuereinh eit, Einspritzventile, Motorsteuergerät	1326
10. Ansauglufttemperaturgeber, Saugrohrdruckg eber, Motorsteuergerät, Magnetventil für Aktiv kohlebehälter, Ventil für Registersaugrohrumschaltung
1327
11. Hallgeber, Klopfsensor 1, Kühlmitteltemper aturgeber, Motorsteuergerät	1328
12. Lambdasonde nach Katalysator, Motorsteu ergerät, Lambdasonde	1329
13. Lambdasonde, Gaspedalstellungsgeber, Gasp edalstellungsgeber 2, Motorsteuergerät	1330
14. Lambdasonde nach Katalysator, Motorsteu ergerät, Luftmassenmesser	1331
15. Bremslichtschalter, Bremspedalschalter, Kup plungspositionsgeber, Motorsteuergerät	1332
16. Motorsteuergerät, Unterdruckpumpe für Br emse	1333
17. Relais für Kühlmittelpumpe, Motorsteuerger ät, Kühlmittelpumpe	1334
18. Multifunktionsanzeige, Steuergerät im Schalt tafeleinsatz, Bordnetzsteuergerät, Diagnose-Interface für Datenbus	1335
19. Kraftstoffvorratsanzeige, Kühlmitteltemperat uranzeige, Geschwindigkeitsmesser, Steuergerä t im Schalttafeleinsatz, Geber für Kühlmittelmangelanzeige
1336
20. Öldruckschalter, Ölstands- und Öltemperaturgeber, Bordnetzsteuergerät, Kontrolllampe für Öldruck, Kontrolllampe für GRA, Kontrolllampe für Ölstand
1337
180 - Radio- Navigationssystem RNS 510 mit TV, (Japan)	1338-1348
1. Radio- Navigationssystem RNS 510 mit TV, (Japan)	1338
2. Steuergerät mit Anzeigeeinheit für Radio und Navigationssystem, Sicherungen	1339
3. Steuergerät mit Anzeigeeinheit für Radio und Navigationssystem, Frequenzweiche links, La utsprecher vorn links	1340
4. Steuergerät mit Anzeigeeinheit für Radio und Navigationssystem, Frequenzweiche rechts, Lautsprecher vorn rechts	1341
5. Steuergerät mit Anzeigeeinheit für Radio und Navigationssystem, Lautsprecher hinten links, Lautsprecher hinten rechts	1342
6. Steuergerät für Bedienungseinheit des Handys, Steuergerät mit Anzeigeeinheit für Radio und Navigationssystem, Mikrofon für Telefon	1343
7. Steuergerät mit Anzeigeeinheit für Radio und Navigationssystem, Bordnetzsteuergerät, CD- Wechsler, Anschluss für externe Audioquellen	1344
8. Steuergerät mit Anzeigeeinheit für Radio und Navigationssystem, Steuergerät für Verkehrsf unk, Antenne, Antenne für Verkehrsfunk	1345
9. Steuergerät mit Anzeigeeinheit für Radio und Navigationssystem, TV-Tuner	1346
10. Steuergerät mit Anzeigeeinheit für Radio und Navigationssystem, TV-Tuner, Anschluß für TV-Antennen	1347
11. Relais für beheizbare Heckscheibe, Steuergerät mit Anzeigeeinheit für Radio und Navigationssystem, Bordnetzsteuergerät, Antenne, Navigationssystemantenne, Radioantenne 2, Antennenmodul rechts, Frequenzfilter für Frequenzmodulation (FM) in der Minusleitung, Frequenzfilter für Frequenzmodulation (FM) in der Plusleitung, Beheizbare Hec kscheibe
1348
181 - 1,9-l-Dieselmotor , BLS	1349-1368
1. 1,9-l-Dieselmotor , BLS	1349
2. Batterie, Anlasser, Drehstromgenerator, Bordnetzsteuergerät	1350
3. Zündanlassschalter, Schalter für GRA, SET-Taster für GRA, Bordnetzsteuergerät	1351
4. Relais für Spannungsversorgung Kl. 30, Steuergerät für Lenksäulenelektronik	1352
5.	1353
6. Steuergerät für Glühzeitautomatik, Glühkerze 1, Glühkerze 2, Glühkerze 3, Glühkerze 4	1354
7. Bordnetzsteuergerät, Relais für Spannungsve rsorgung, Kl. 50	1355
8. Geber für Kraftstoffvorratsanzeige, Kraftstoffp umpe für Vorförderung, Kraftstoffpumpenrelais, Bordnetzsteuergerät	1356
9. Motorsteuergerät	1357
10. Ladedruckgeber, Ansauglufttemperaturgeber, Gaspedalstellungsgeber, Geber 2 für Gaspedalstellung, Motorsteuergerät, Kühlmitteltemperaturgeber
1358
11. Kühlmitteltemperaturgeber am Kühlerausgang, Motorsteuergerät, Ventil für Pumpe/Düse des Zylinders 1, Ventil für Pumpe/Düse des Zylinders 2, Ventil für Pumpe/Düse des Zylinders 3, Ventil für Pumpe/Düse des Zylinders 4
1359
12. Luftmassenmesser, Motorsteuergerät, Magnetventil für Ladedruckbegrenzung, Umschaltventil für Kühler der Abgasrückführung	1360
13. Bremslichtschalter, Bremspedalschalter, Kupplungspositionsgeber, Motorsteuergerät	1361
14. Lambdasonde, Abgastemperaturgeber 1, Abgastemperaturgeber 2, Motorsteuergerät	1362
